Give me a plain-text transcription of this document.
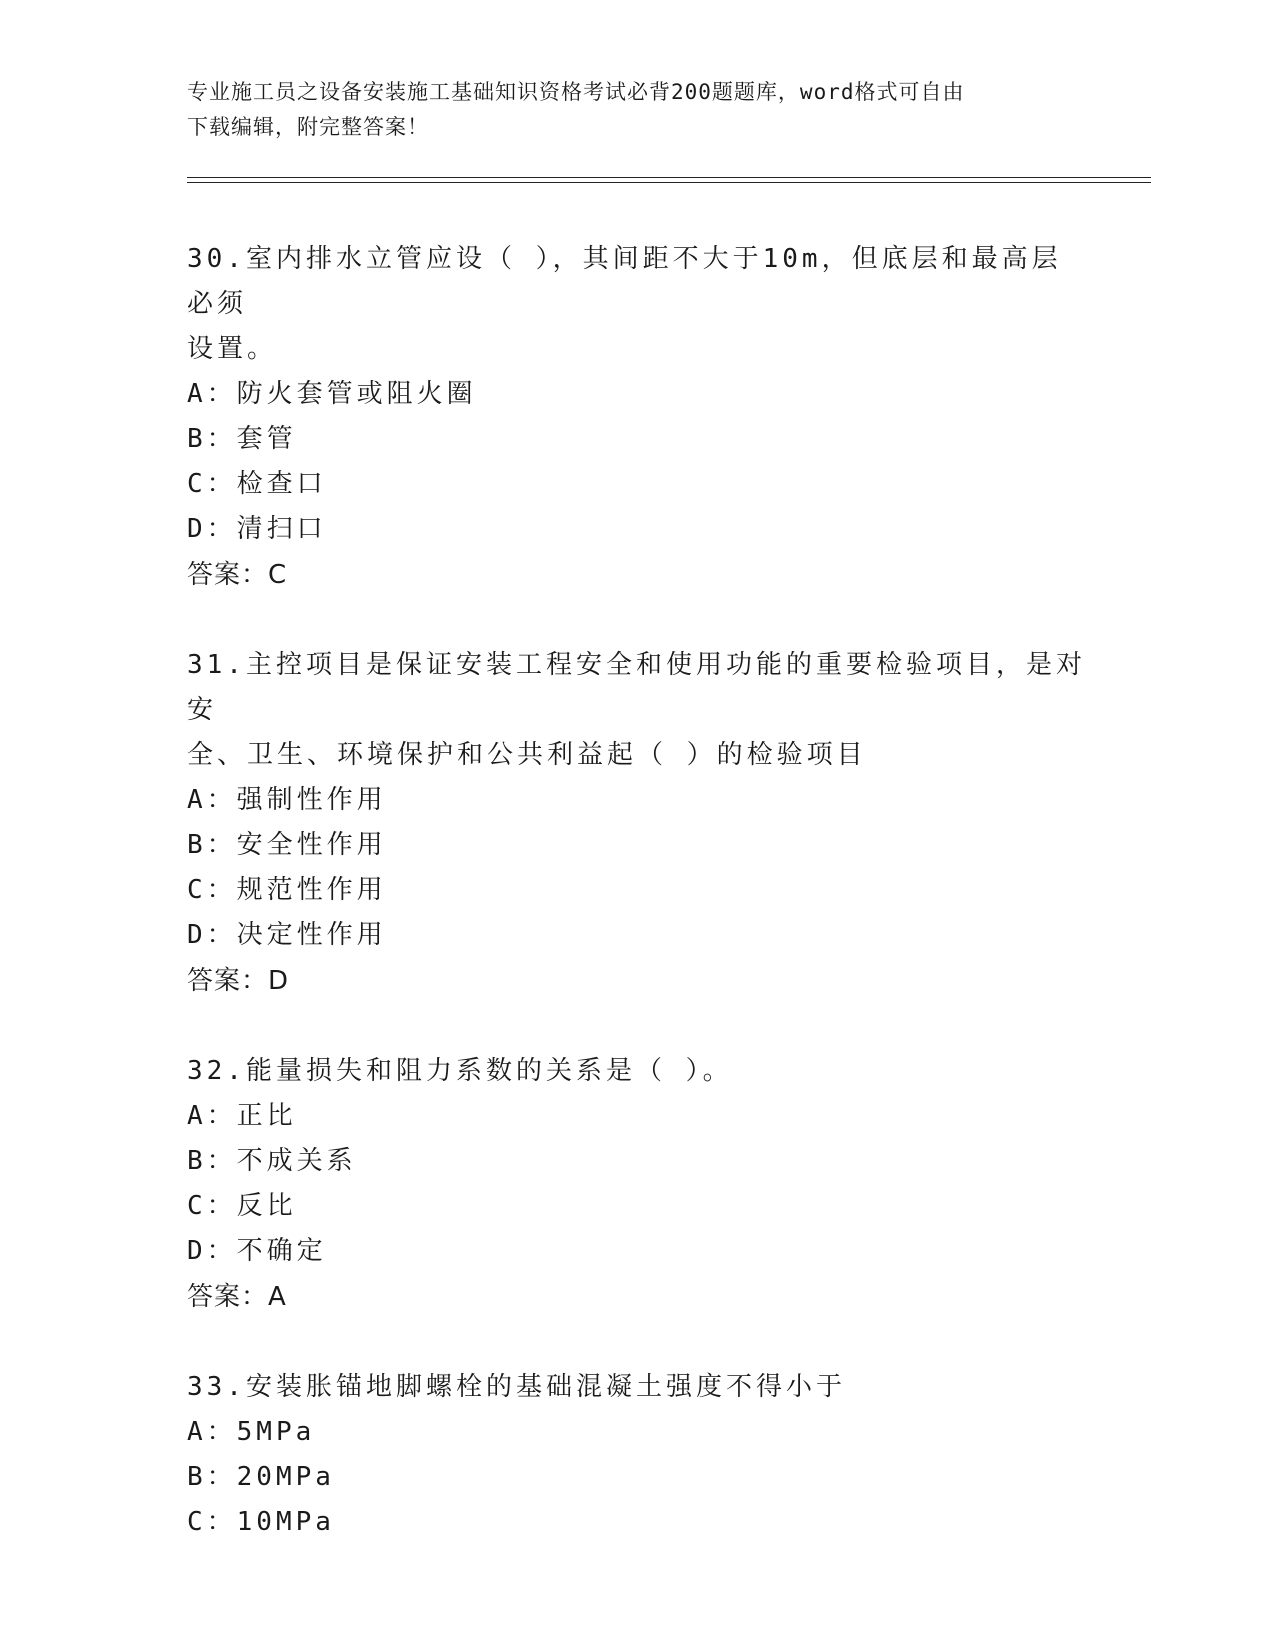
专业施工员之设备安装施工基础知识资格考试必背200题题库，word格式可自由
下载编辑，附完整答案！
30.室内排水立管应设（ ），其间距不大于10m，但底层和最高层必须
设置。
A：防火套管或阻火圈
B：套管
C：检查口
D：清扫口
答案：C
31.主控项目是保证安装工程安全和使用功能的重要检验项目，是对安
全、卫生、环境保护和公共利益起（ ）的检验项目
A：强制性作用
B：安全性作用
C：规范性作用
D：决定性作用
答案：D
32.能量损失和阻力系数的关系是（ ）。
A：正比
B：不成关系
C：反比
D：不确定
答案：A
33.安装胀锚地脚螺栓的基础混凝土强度不得小于
A：5MPa
B：20MPa
C：10MPa
